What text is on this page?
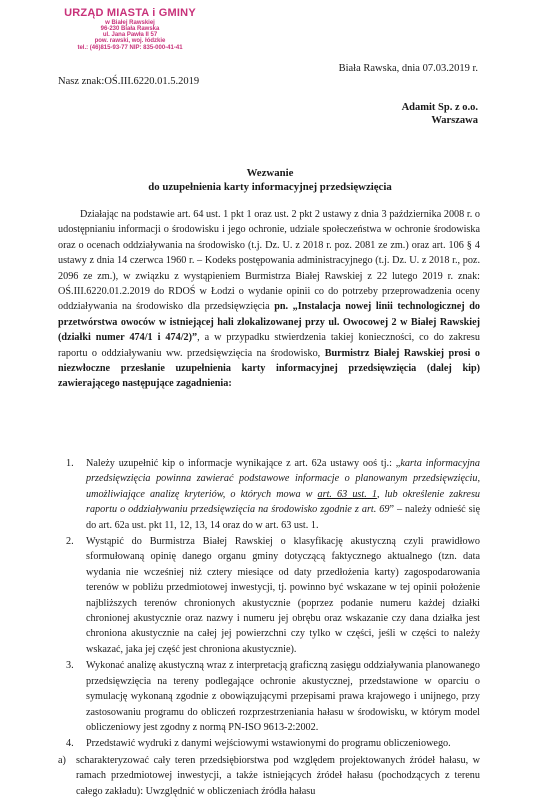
URZĄD MIASTA i GMINY
w Białej Rawskiej
96-230 Biała Rawska
ul. Jana Pawła II 57
pow. rawski, woj. łódzkie
tel.: (46)815-93-77 NIP: 835-000-41-41
Nasz znak:OŚ.III.6220.01.5.2019
Biała Rawska, dnia 07.03.2019 r.
Adamit Sp. z o.o.
Warszawa
Wezwanie
do uzupełnienia karty informacyjnej przedsięwzięcia

Działając na podstawie art. 64 ust. 1 pkt 1 oraz ust. 2 pkt 2 ustawy z dnia 3 października 2008 r. o udostępnianiu informacji o środowisku i jego ochronie, udziale społeczeństwa w ochronie środowiska oraz o ocenach oddziaływania na środowisko (t.j. Dz. U. z 2018 r. poz. 2081 ze zm.) oraz art. 106 § 4 ustawy z dnia 14 czerwca 1960 r. – Kodeks postępowania administracyjnego (t.j. Dz. U. z 2018 r., poz. 2096 ze zm.), w związku z wystąpieniem Burmistrza Białej Rawskiej z 22 lutego 2019 r. znak: OŚ.III.6220.01.2.2019 do RDOŚ w Łodzi o wydanie opinii co do potrzeby przeprowadzenia oceny oddziaływania na środowisko dla przedsięwzięcia pn. „Instalacja nowej linii technologicznej do przetwórstwa owoców w istniejącej hali zlokalizowanej przy ul. Owocowej 2 w Białej Rawskiej (działki numer 474/1 i 474/2)”, a w przypadku stwierdzenia takiej konieczności, co do zakresu raportu o oddziaływaniu ww. przedsięwzięcia na środowisko, Burmistrz Białej Rawskiej prosi o niezwłoczne przesłanie uzupełnienia karty informacyjnej przedsięwzięcia (dalej kip) zawierającego następujące zagadnienia:

1. Należy uzupełnić kip o informacje wynikające z art. 62a ustawy ooś tj.: „karta informacyjna przedsięwzięcia powinna zawierać podstawowe informacje o planowanym przedsięwzięciu, umożliwiające analizę kryteriów, o których mowa w art. 63 ust. 1, lub określenie zakresu raportu o oddziaływaniu przedsięwzięcia na środowisko zgodnie z art. 69” – należy odnieść się do art. 62a ust. pkt 11, 12, 13, 14 oraz do w art. 63 ust. 1.
2. Wystąpić do Burmistrza Białej Rawskiej o klasyfikację akustyczną czyli prawidłowo sformułowaną opinię danego organu gminy dotyczącą faktycznego aktualnego (tzn. data wydania nie wcześniej niż cztery miesiące od daty przedłożenia karty) zagospodarowania terenów w pobliżu przedmiotowej inwestycji, tj. powinno być wskazane w tej opinii położenie najbliższych terenów chronionych akustycznie (poprzez podanie numeru każdej działki chronionej akustycznie oraz nazwy i numeru jej obrębu oraz wskazanie czy dana działka jest chroniona akustycznie na całej jej powierzchni czy tylko w części, jeśli w części to należy wskazać, jaka jej część jest chroniona akustycznie).
3. Wykonać analizę akustyczną wraz z interpretacją graficzną zasięgu oddziaływania planowanego przedsięwzięcia na tereny podlegające ochronie akustycznej, przedstawione w oparciu o symulację wykonaną zgodnie z obowiązującymi przepisami prawa krajowego i unijnego, przy zastosowaniu programu do obliczeń rozprzestrzeniania hałasu w środowisku, w którym model obliczeniowy jest zgodny z normą PN-ISO 9613-2:2002.
4. Przedstawić wydruki z danymi wejściowymi wstawionymi do programu obliczeniowego.
a) scharakteryzować cały teren przedsiębiorstwa pod względem projektowanych źródeł hałasu, w ramach przedmiotowej inwestycji, a także istniejących źródeł hałasu (pochodzących z terenu całego zakładu): Uwzględnić w obliczeniach źródła hałasu
